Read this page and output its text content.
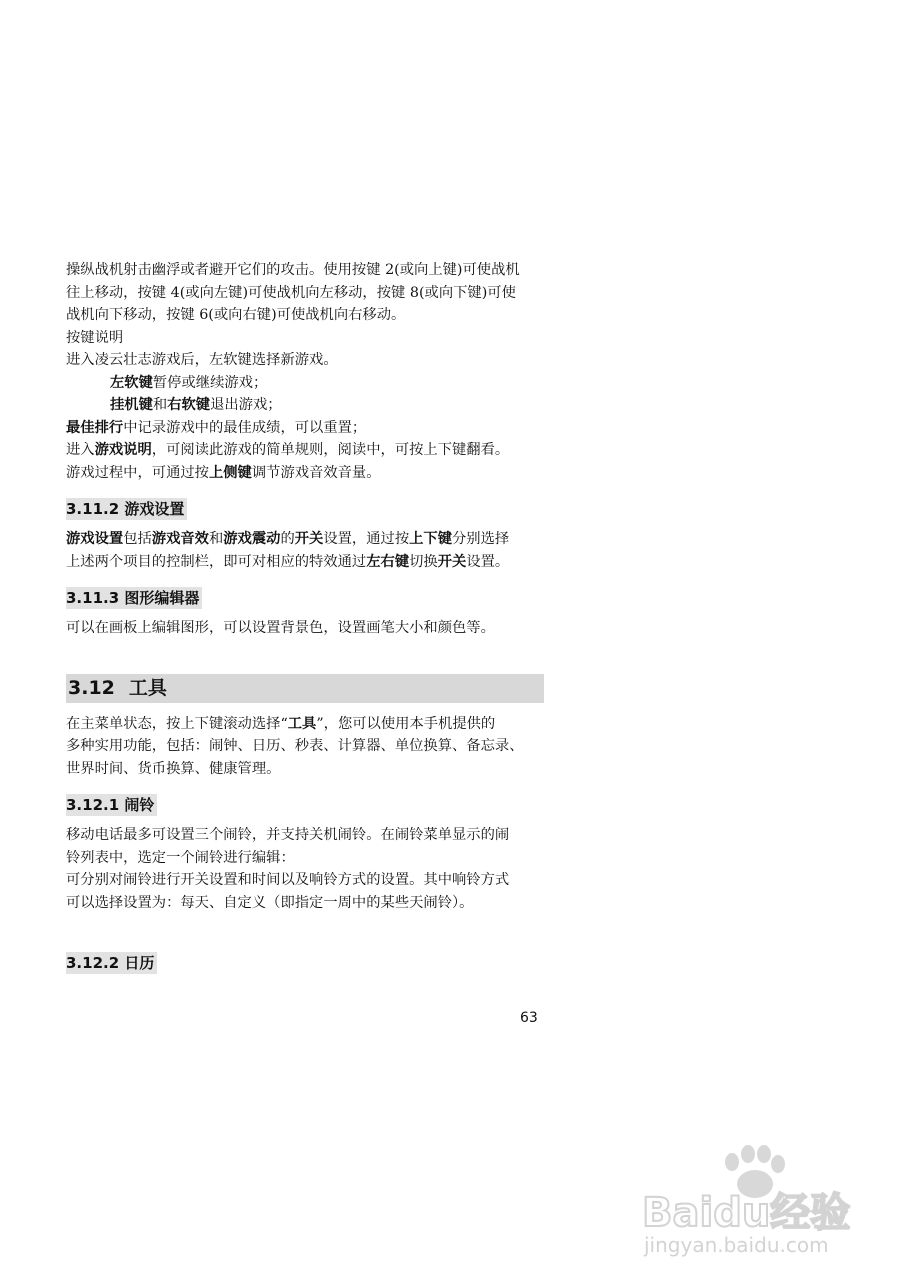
操纵战机射击幽浮或者避开它们的攻击。使用按键 2(或向上键)可使战机

往上移动，按键 4(或向左键)可使战机向左移动，按键 8(或向下键)可使

战机向下移动，按键 6(或向右键)可使战机向右移动。

按键说明

进入凌云壮志游戏后，左软键选择新游戏。

左软键暂停或继续游戏；

挂机键和右软键退出游戏；

最佳排行中记录游戏中的最佳成绩，可以重置；

进入游戏说明，可阅读此游戏的简单规则，阅读中，可按上下键翻看。

游戏过程中，可通过按上侧键调节游戏音效音量。

3.11.2 游戏设置

游戏设置包括游戏音效和游戏震动的开关设置，通过按上下键分别选择

上述两个项目的控制栏，即可对相应的特效通过左右键切换开关设置。

3.11.3 图形编辑器

可以在画板上编辑图形，可以设置背景色，设置画笔大小和颜色等。

3.12 工具

在主菜单状态，按上下键滚动选择“工具”，您可以使用本手机提供的

多种实用功能，包括：闹钟、日历、秒表、计算器、单位换算、备忘录、

世界时间、货币换算、健康管理。

3.12.1 闹铃

移动电话最多可设置三个闹铃，并支持关机闹铃。在闹铃菜单显示的闹

铃列表中，选定一个闹铃进行编辑：

可分别对闹铃进行开关设置和时间以及响铃方式的设置。其中响铃方式

可以选择设置为：每天、自定义（即指定一周中的某些天闹铃）。

3.12.2 日历
63
Baidu经验
jingyan.baidu.com
